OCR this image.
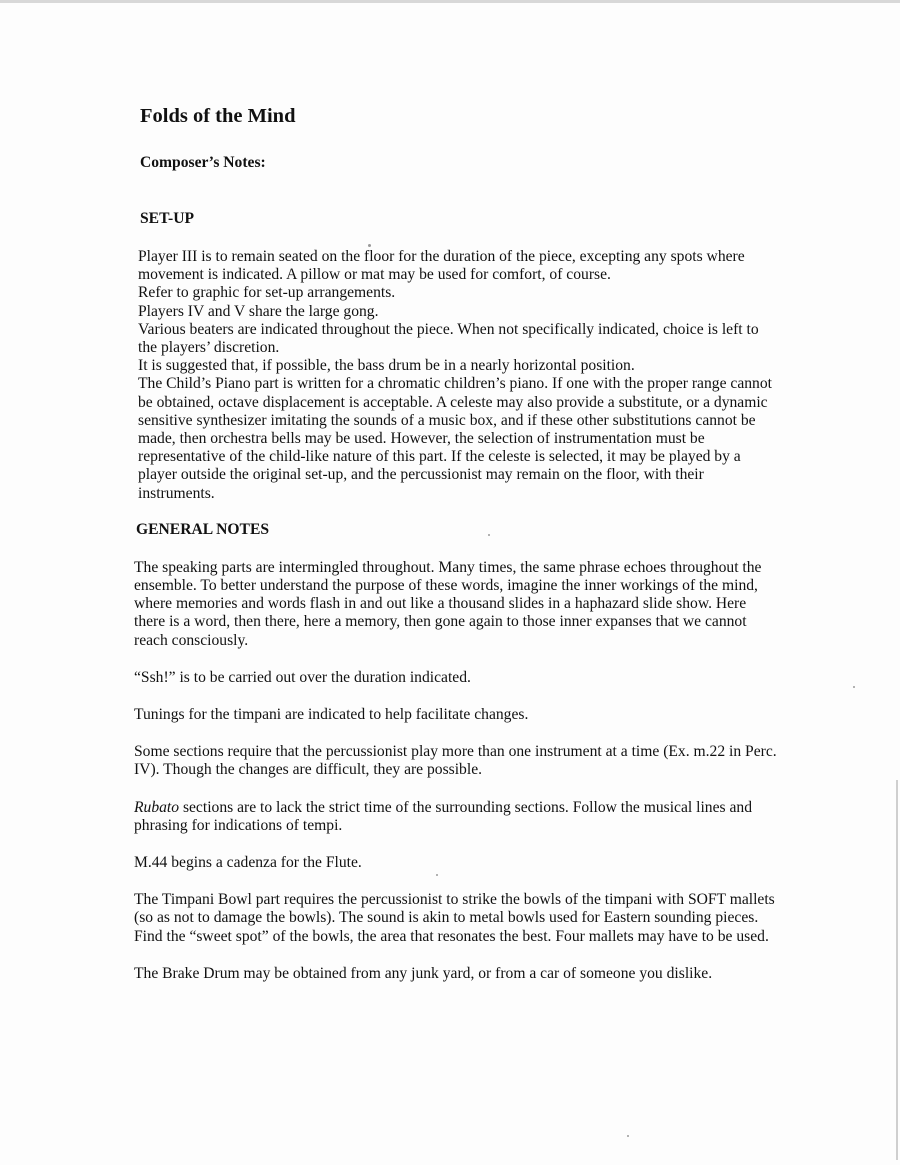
Folds of the Mind
Composer’s Notes:
SET-UP

Player III is to remain seated on the floor for the duration of the piece, excepting any spots where movement is indicated. A pillow or mat may be used for comfort, of course.

Refer to graphic for set-up arrangements.

Players IV and V share the large gong.

Various beaters are indicated throughout the piece. When not specifically indicated, choice is left to the players’ discretion.

It is suggested that, if possible, the bass drum be in a nearly horizontal position.

The Child’s Piano part is written for a chromatic children’s piano. If one with the proper range cannot be obtained, octave displacement is acceptable. A celeste may also provide a substitute, or a dynamic sensitive synthesizer imitating the sounds of a music box, and if these other substitutions cannot be made, then orchestra bells may be used. However, the selection of instrumentation must be representative of the child-like nature of this part. If the celeste is selected, it may be played by a player outside the original set-up, and the percussionist may remain on the floor, with their instruments.

GENERAL NOTES

The speaking parts are intermingled throughout. Many times, the same phrase echoes throughout the ensemble. To better understand the purpose of these words, imagine the inner workings of the mind, where memories and words flash in and out like a thousand slides in a haphazard slide show. Here there is a word, then there, here a memory, then gone again to those inner expanses that we cannot reach consciously.

“Ssh!” is to be carried out over the duration indicated.

Tunings for the timpani are indicated to help facilitate changes.

Some sections require that the percussionist play more than one instrument at a time (Ex. m.22 in Perc. IV). Though the changes are difficult, they are possible.

Rubato sections are to lack the strict time of the surrounding sections. Follow the musical lines and phrasing for indications of tempi.

M.44 begins a cadenza for the Flute.

The Timpani Bowl part requires the percussionist to strike the bowls of the timpani with SOFT mallets (so as not to damage the bowls). The sound is akin to metal bowls used for Eastern sounding pieces. Find the “sweet spot” of the bowls, the area that resonates the best. Four mallets may have to be used.

The Brake Drum may be obtained from any junk yard, or from a car of someone you dislike.
